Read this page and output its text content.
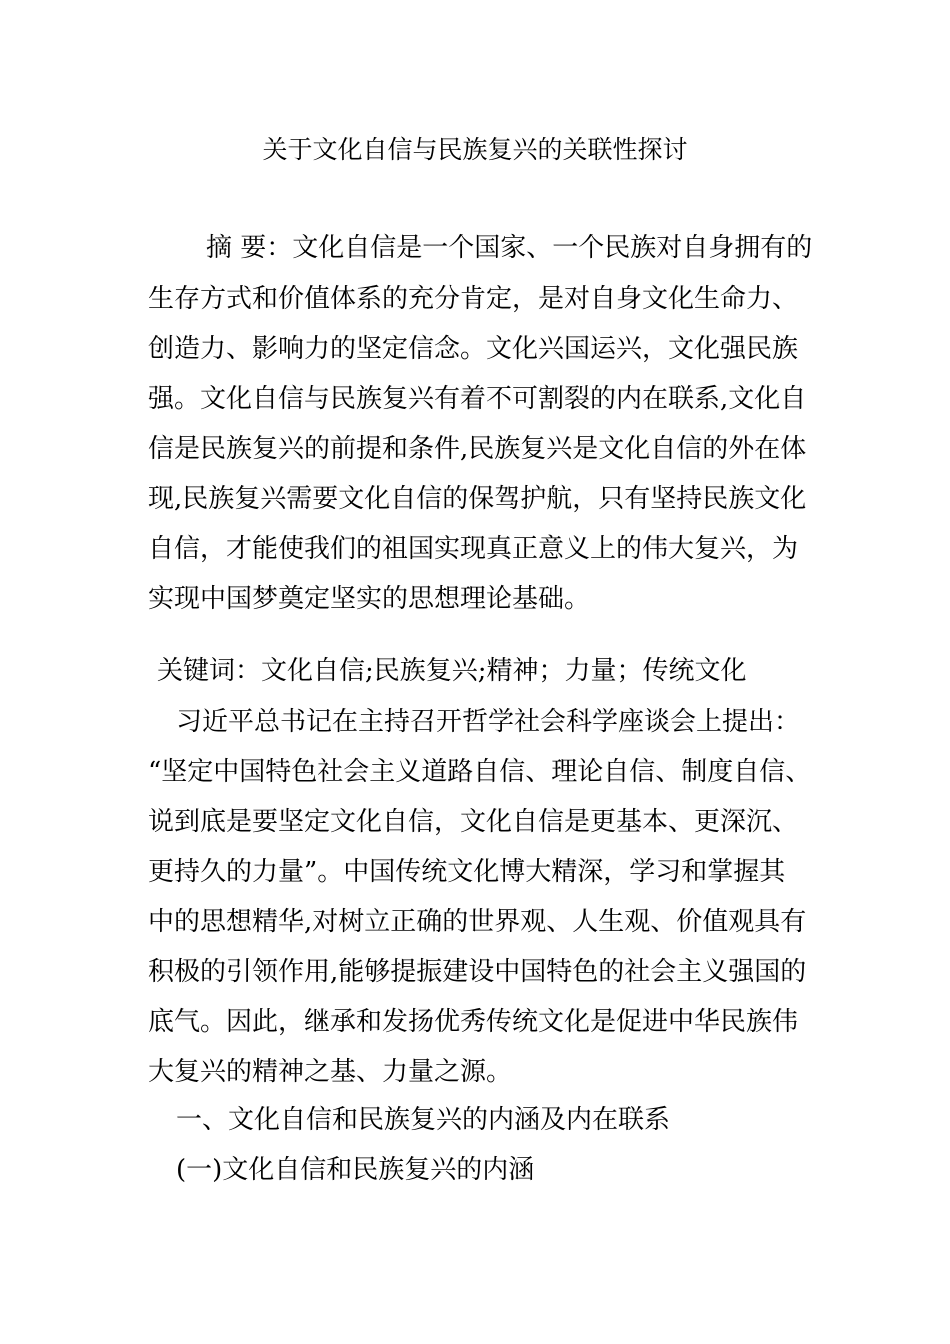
关于文化自信与民族复兴的关联性探讨
摘 要：文化自信是一个国家、一个民族对自身拥有的
生存方式和价值体系的充分肯定，是对自身文化生命力、
创造力、影响力的坚定信念。文化兴国运兴，文化强民族
强。文化自信与民族复兴有着不可割裂的内在联系,文化自
信是民族复兴的前提和条件,民族复兴是文化自信的外在体
现,民族复兴需要文化自信的保驾护航，只有坚持民族文化
自信，才能使我们的祖国实现真正意义上的伟大复兴，为
实现中国梦奠定坚实的思想理论基础。
关键词：文化自信;民族复兴;精神；力量；传统文化
习近平总书记在主持召开哲学社会科学座谈会上提出：
“坚定中国特色社会主义道路自信、理论自信、制度自信、
说到底是要坚定文化自信，文化自信是更基本、更深沉、
更持久的力量”。中国传统文化博大精深，学习和掌握其
中的思想精华,对树立正确的世界观、人生观、价值观具有
积极的引领作用,能够提振建设中国特色的社会主义强国的
底气。因此，继承和发扬优秀传统文化是促进中华民族伟
大复兴的精神之基、力量之源。
一、文化自信和民族复兴的内涵及内在联系
(一)文化自信和民族复兴的内涵
